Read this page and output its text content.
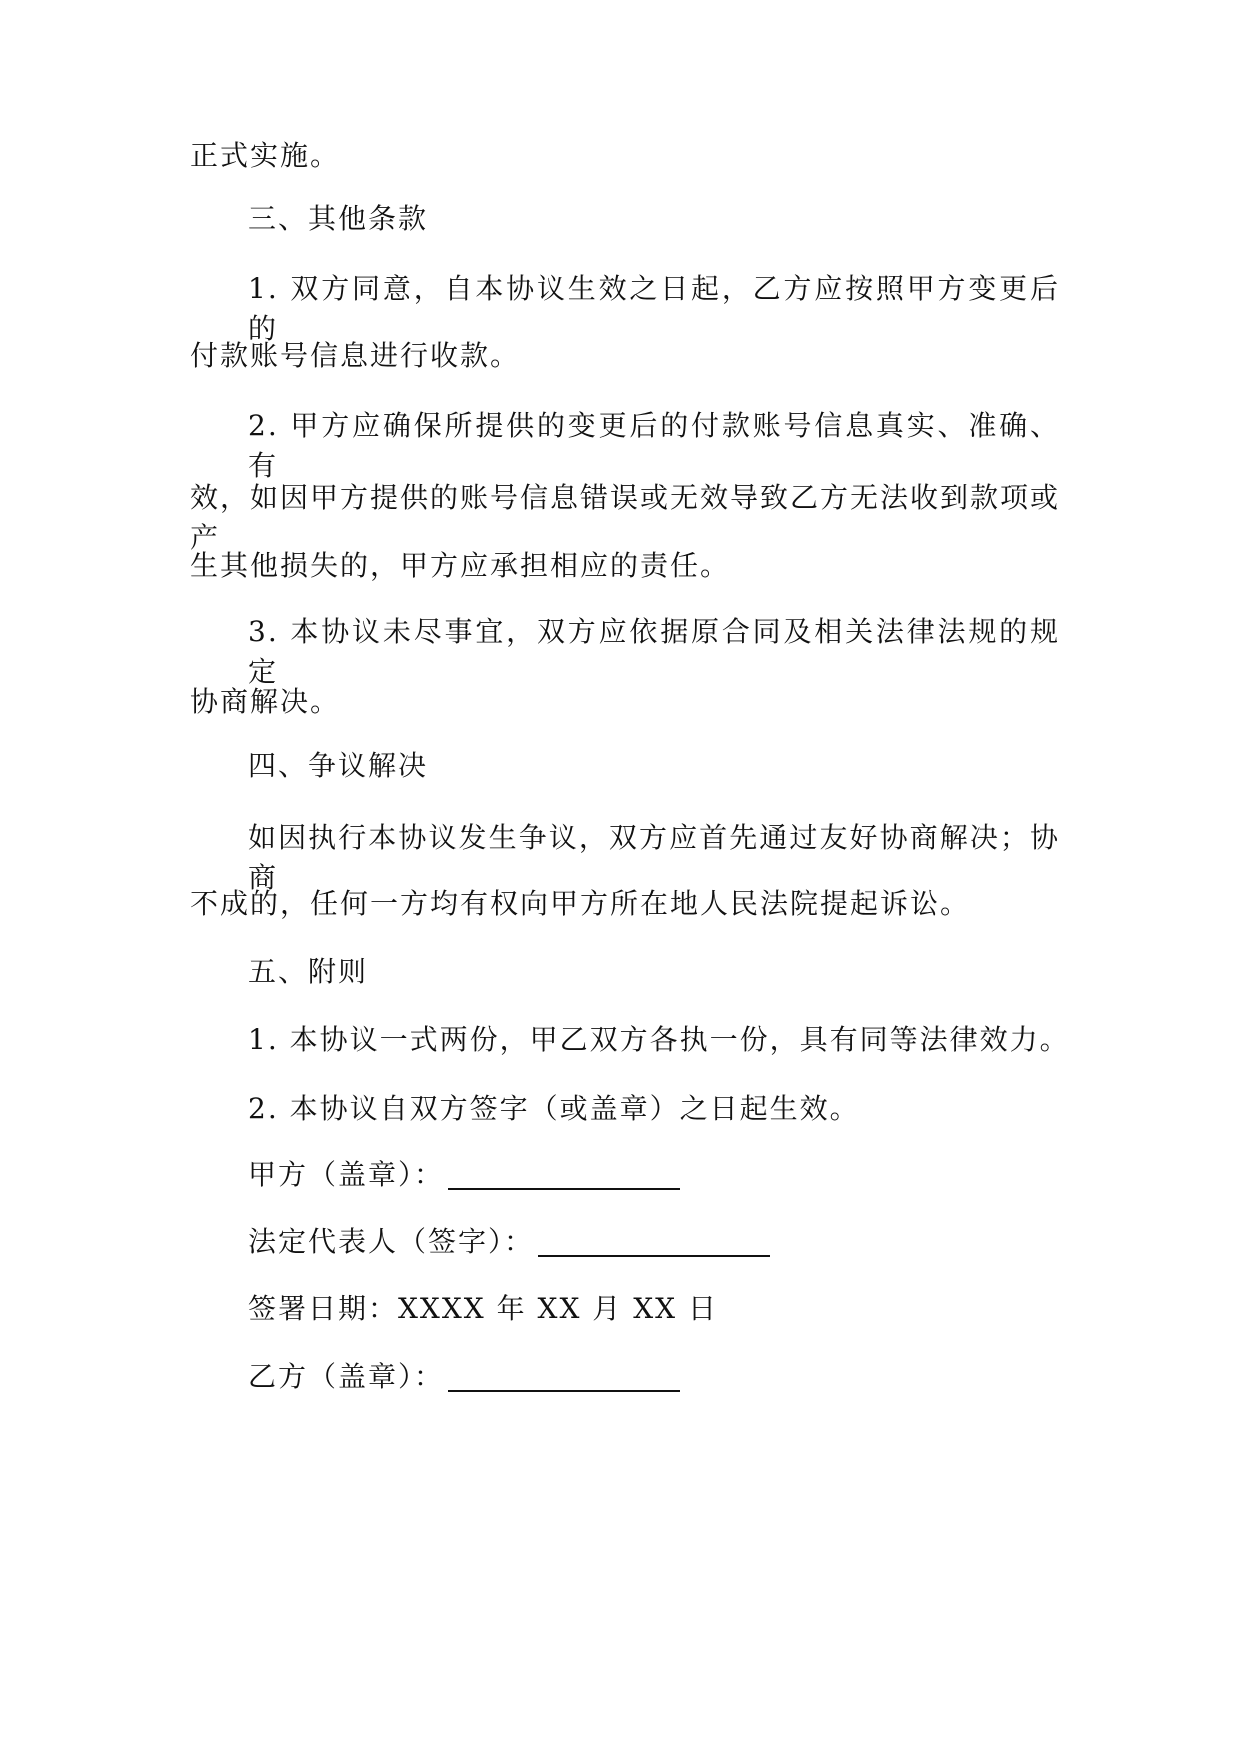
正式实施。
三、其他条款
1. 双方同意，自本协议生效之日起，乙方应按照甲方变更后的
付款账号信息进行收款。
2. 甲方应确保所提供的变更后的付款账号信息真实、准确、有
效，如因甲方提供的账号信息错误或无效导致乙方无法收到款项或产
生其他损失的，甲方应承担相应的责任。
3. 本协议未尽事宜，双方应依据原合同及相关法律法规的规定
协商解决。
四、争议解决
如因执行本协议发生争议，双方应首先通过友好协商解决；协商
不成的，任何一方均有权向甲方所在地人民法院提起诉讼。
五、附则
1. 本协议一式两份，甲乙双方各执一份，具有同等法律效力。
2. 本协议自双方签字（或盖章）之日起生效。
甲方（盖章）：
法定代表人（签字）：
签署日期：XXXX 年 XX 月 XX 日
乙方（盖章）：
